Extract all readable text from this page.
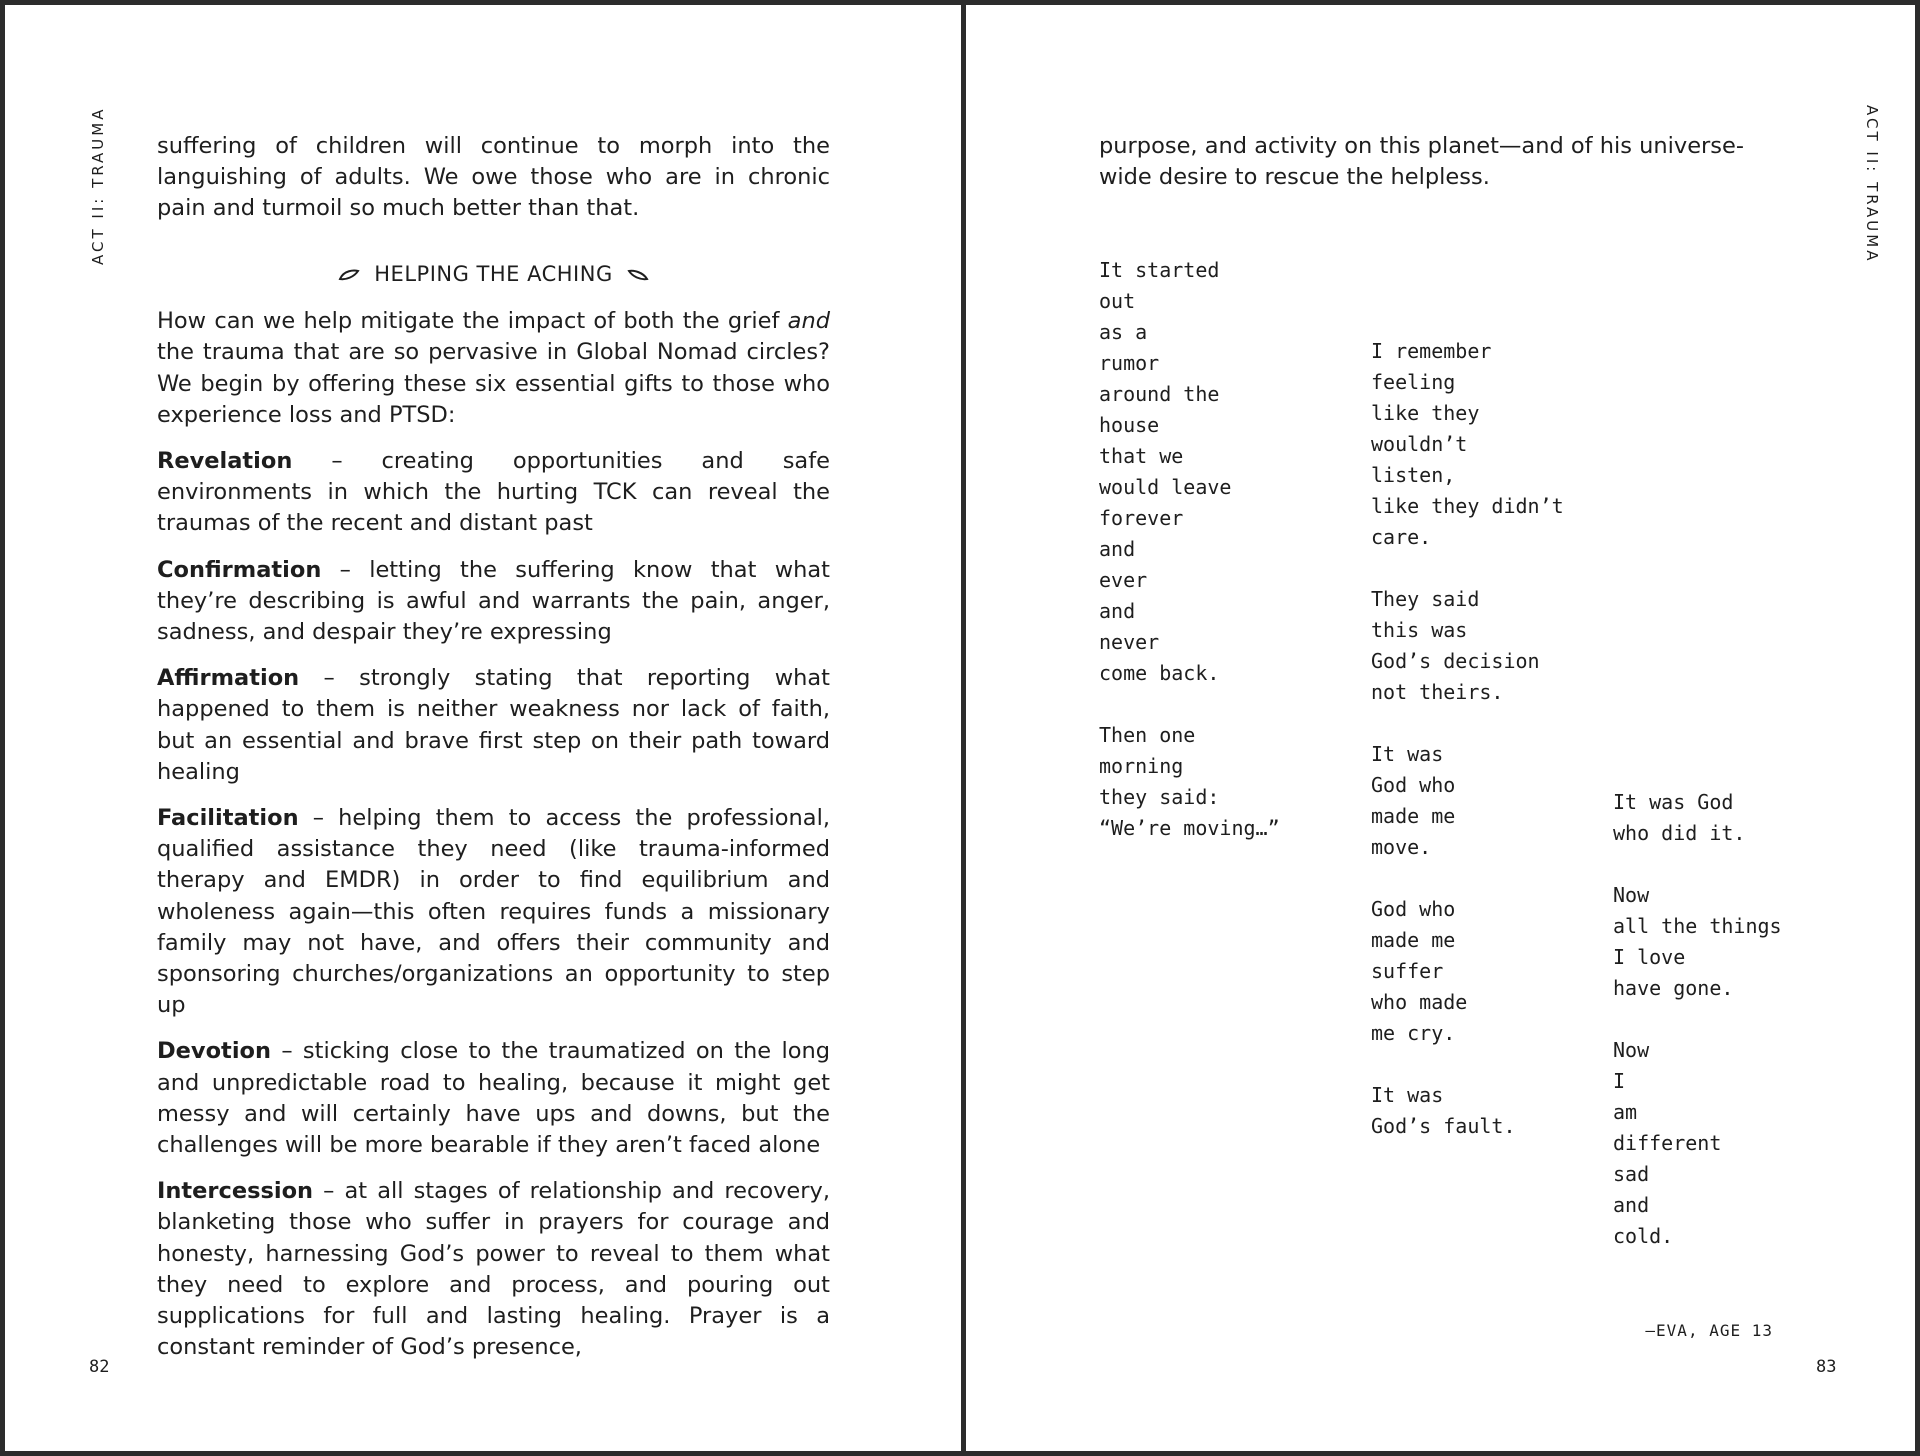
ACT II: TRAUMA suffering of children will continue to morph into the languishing of adults. We owe those who are in chronic pain and turmoil so much better than that.

HELPING THE ACHING

How can we help mitigate the impact of both the grief and the trauma that are so pervasive in Global Nomad circles? We begin by offering these six essential gifts to those who experience loss and PTSD:

Revelation – creating opportunities and safe environments in which the hurting TCK can reveal the traumas of the recent and distant past

Confirmation – letting the suffering know that what they’re describing is awful and warrants the pain, anger, sadness, and despair they’re expressing

Affirmation – strongly stating that reporting what happened to them is neither weakness nor lack of faith, but an essential and brave first step on their path toward healing

Facilitation – helping them to access the professional, qualified assistance they need (like trauma-informed therapy and EMDR) in order to find equilibrium and wholeness again—this often requires funds a missionary family may not have, and offers their community and sponsoring churches/organizations an opportunity to step up

Devotion – sticking close to the traumatized on the long and unpredictable road to healing, because it might get messy and will certainly have ups and downs, but the challenges will be more bearable if they aren’t faced alone

Intercession – at all stages of relationship and recovery, blanketing those who suffer in prayers for courage and honesty, harnessing God’s power to reveal to them what they need to explore and process, and pouring out supplications for full and lasting healing. Prayer is a constant reminder of God’s presence,

82
ACT II: TRAUMA
83

purpose, and activity on this planet—and of his universe-wide desire to rescue the helpless.

It started
out
as a
rumor
around the
house
that we
would leave
forever
and
ever
and
never
come back.
Then one
morning
they said:
“We’re moving…”
I remember
feeling
like they
wouldn’t
listen,
like they didn’t
care.
They said
this was
God’s decision
not theirs.
It was
God who
made me
move.
God who
made me
suffer
who made
me cry.
It was
God’s fault.
It was God
who did it.
Now
all the things
I love
have gone.
Now
I
am
different
sad
and
cold.
—EVA, AGE 13
